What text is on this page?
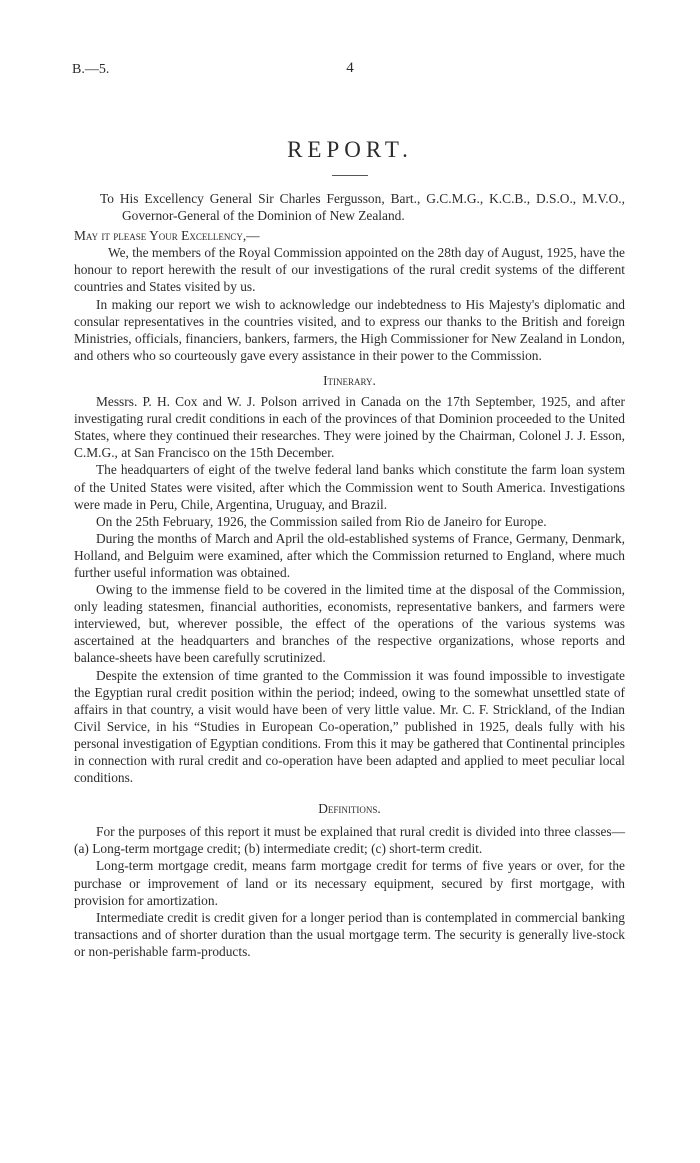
B.—5.	4
REPORT.

To His Excellency General Sir Charles Fergusson, Bart., G.C.M.G., K.C.B., D.S.O., M.V.O., Governor-General of the Dominion of New Zealand.

May it please Your Excellency,—

We, the members of the Royal Commission appointed on the 28th day of August, 1925, have the honour to report herewith the result of our investigations of the rural credit systems of the different countries and States visited by us.

In making our report we wish to acknowledge our indebtedness to His Majesty's diplomatic and consular representatives in the countries visited, and to express our thanks to the British and foreign Ministries, officials, financiers, bankers, farmers, the High Commissioner for New Zealand in London, and others who so courteously gave every assistance in their power to the Commission.

Itinerary.

Messrs. P. H. Cox and W. J. Polson arrived in Canada on the 17th September, 1925, and after investigating rural credit conditions in each of the provinces of that Dominion proceeded to the United States, where they continued their researches. They were joined by the Chairman, Colonel J. J. Esson, C.M.G., at San Francisco on the 15th December.

The headquarters of eight of the twelve federal land banks which constitute the farm loan system of the United States were visited, after which the Commission went to South America. Investigations were made in Peru, Chile, Argentina, Uruguay, and Brazil.

On the 25th February, 1926, the Commission sailed from Rio de Janeiro for Europe.

During the months of March and April the old-established systems of France, Germany, Denmark, Holland, and Belguim were examined, after which the Commission returned to England, where much further useful information was obtained.

Owing to the immense field to be covered in the limited time at the disposal of the Commission, only leading statesmen, financial authorities, economists, representative bankers, and farmers were interviewed, but, wherever possible, the effect of the operations of the various systems was ascertained at the headquarters and branches of the respective organizations, whose reports and balance-sheets have been carefully scrutinized.

Despite the extension of time granted to the Commission it was found impossible to investigate the Egyptian rural credit position within the period; indeed, owing to the somewhat unsettled state of affairs in that country, a visit would have been of very little value. Mr. C. F. Strickland, of the Indian Civil Service, in his “Studies in European Co-operation,” published in 1925, deals fully with his personal investigation of Egyptian conditions. From this it may be gathered that Continental principles in connection with rural credit and co-operation have been adapted and applied to meet peculiar local conditions.

Definitions.

For the purposes of this report it must be explained that rural credit is divided into three classes—(a) Long-term mortgage credit; (b) intermediate credit; (c) short-term credit.

Long-term mortgage credit, means farm mortgage credit for terms of five years or over, for the purchase or improvement of land or its necessary equipment, secured by first mortgage, with provision for amortization.

Intermediate credit is credit given for a longer period than is contemplated in commercial banking transactions and of shorter duration than the usual mortgage term. The security is generally live-stock or non-perishable farm-products.
